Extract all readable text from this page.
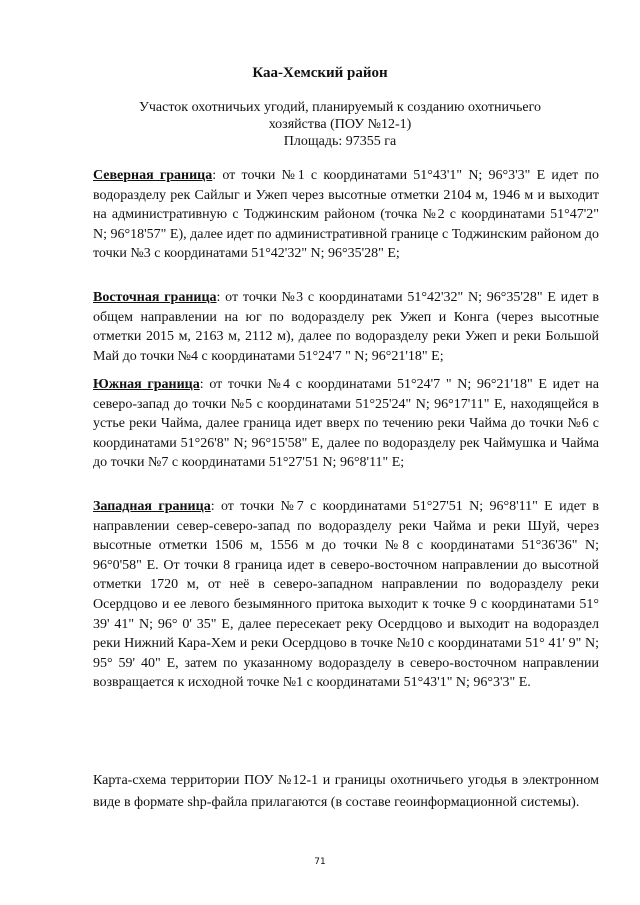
Каа-Хемский район
Участок охотничьих угодий, планируемый к созданию охотничьего
хозяйства (ПОУ №12-1)
Площадь: 97355 га

Северная граница: от точки №1 с координатами 51°43'1" N; 96°3'3" E идет по водоразделу рек Сайлыг и Ужеп через высотные отметки 2104 м, 1946 м и выходит на административную с Тоджинским районом (точка №2 с координатами 51°47'2" N; 96°18'57" E), далее идет по административной границе с Тоджинским районом до точки №3 с координатами 51°42'32" N; 96°35'28" E;

Восточная граница: от точки №3 с координатами 51°42'32" N; 96°35'28" E идет в общем направлении на юг по водоразделу рек Ужеп и Конга (через высотные отметки 2015 м, 2163 м, 2112 м), далее по водоразделу реки Ужеп и реки Большой Май до точки №4 с координатами 51°24'7 " N; 96°21'18" E;

Южная граница: от точки №4 с координатами 51°24'7 " N; 96°21'18" E идет на северо-запад до точки №5 с координатами 51°25'24" N; 96°17'11" E, находящейся в устье реки Чайма, далее граница идет вверх по течению реки Чайма до точки №6 с координатами 51°26'8" N; 96°15'58" E, далее по водоразделу рек Чаймушка и Чайма до точки №7 с координатами 51°27'51 N; 96°8'11" E;

Западная граница: от точки №7 с координатами 51°27'51 N; 96°8'11" E идет в направлении север-северо-запад по водоразделу реки Чайма и реки Шуй, через высотные отметки 1506 м, 1556 м до точки №8 с координатами 51°36'36" N; 96°0'58" E. От точки 8 граница идет в северо-восточном направлении до высотной отметки 1720 м, от неё в северо-западном направлении по водоразделу реки Осердцово и ее левого безымянного притока выходит к точке 9 с координатами 51° 39' 41" N; 96° 0' 35" E, далее пересекает реку Осердцово и выходит на водораздел реки Нижний Кара-Хем и реки Осердцово в точке №10 с координатами 51° 41' 9" N; 95° 59' 40" E, затем по указанному водоразделу в северо-восточном направлении возвращается к исходной точке №1 с координатами 51°43'1" N; 96°3'3" E.

Карта-схема территории ПОУ №12-1 и границы охотничьего угодья в электронном виде в формате shp-файла прилагаются (в составе геоинформационной системы).

71
